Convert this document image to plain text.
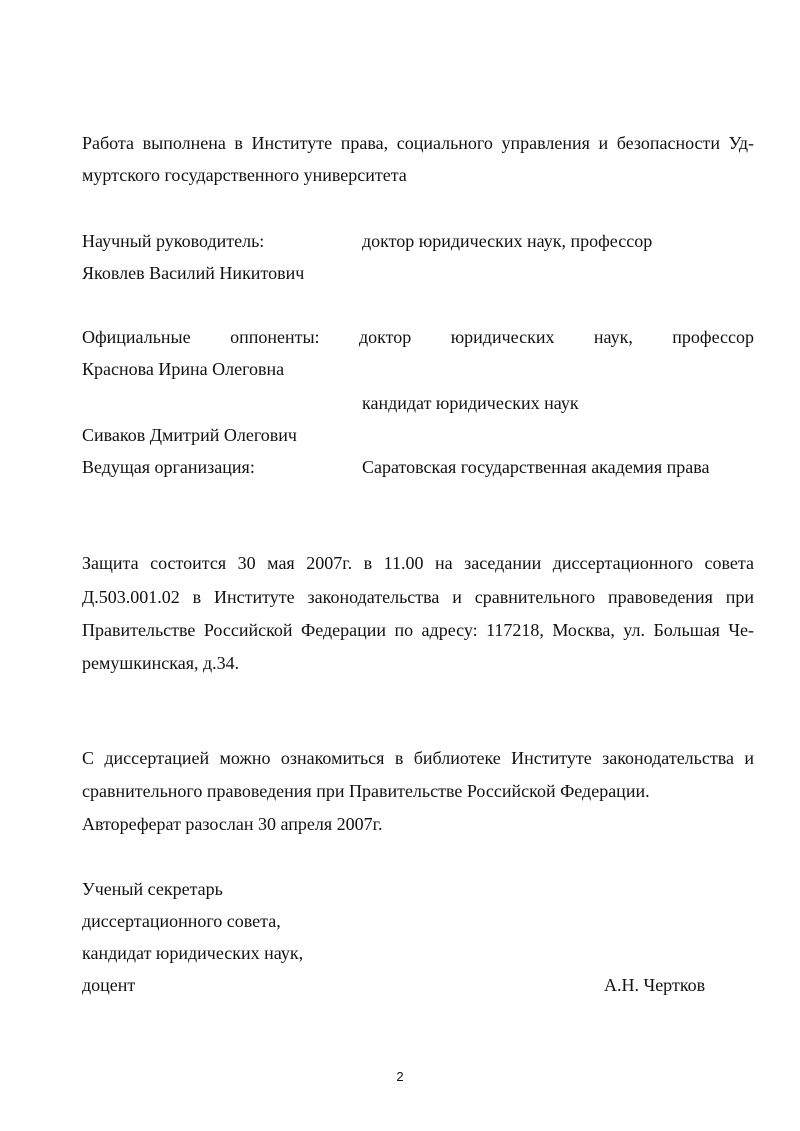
Работа выполнена в Институте права, социального управления и безопасности Уд-
муртского государственного университета
Научный руководитель:	доктор юридических наук, профессор
Яковлев Василий Никитович
Официальные оппоненты: доктор юридических наук, профессор
Краснова Ирина Олеговна
кандидат юридических наук
Сиваков Дмитрий Олегович
Ведущая организация:	Саратовская государственная академия права
Защита состоится 30 мая 2007г. в 11.00 на заседании диссертационного совета
Д.503.001.02 в Институте законодательства и сравнительного правоведения при
Правительстве Российской Федерации по адресу: 117218, Москва, ул. Большая Че-
ремушкинская, д.34.
С диссертацией можно ознакомиться в библиотеке Институте законодательства и
сравнительного правоведения при Правительстве Российской Федерации.
Автореферат разослан 30 апреля 2007г.
Ученый секретарь
диссертационного совета,
кандидат юридических наук,
доцент	А.Н. Чертков
2
